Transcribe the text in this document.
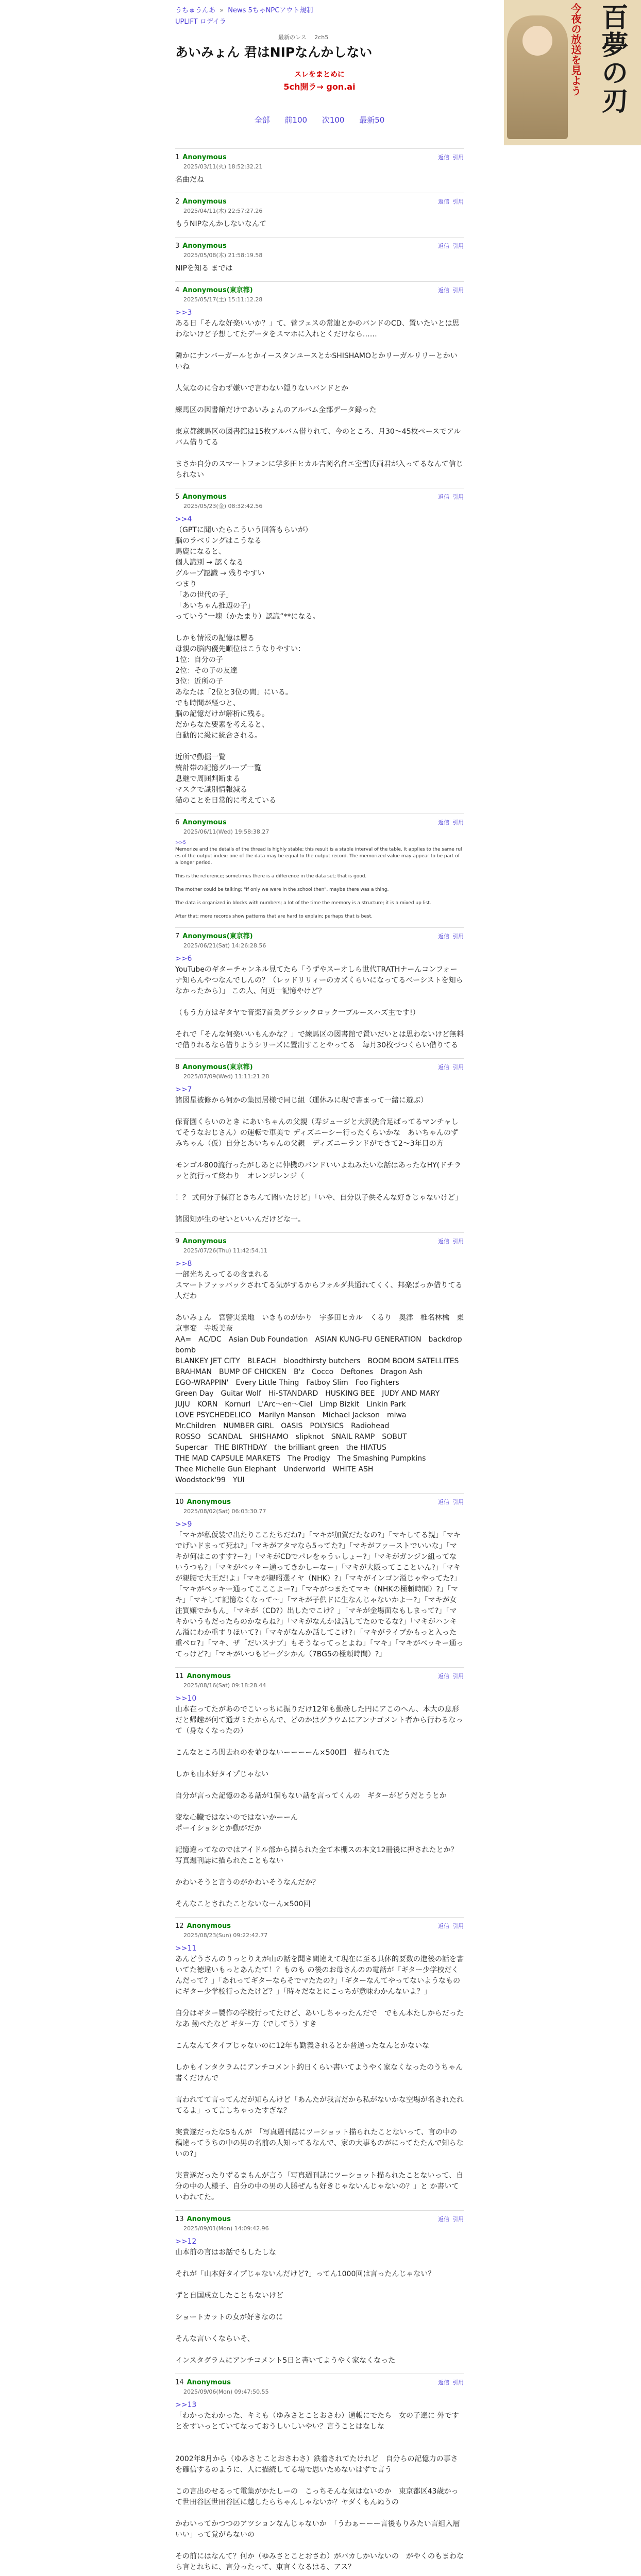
うちゅうんあ » News 5ちゃNPCアウト規制
UPLIFT ロデイラ
最新のレス 2ch5
あいみょん 君はNIPなんかしない
スレをまとめに
5ch開ラ→ gon.ai
全部 前100 次100 最新50
今夜の放送を見よう 百夢の刃
1 Anonymous	返信 引用
2025/03/11(火) 18:52:32.21
名曲だね
2 Anonymous	返信 引用
2025/04/11(木) 22:57:27.26
もうNIPなんかしないなんて
3 Anonymous	返信 引用
2025/05/08(木) 21:58:19.58
NIPを知る までは
4 Anonymous(東京都)	返信 引用
2025/05/17(土) 15:11:12.28
>>3
ある日「そんな好楽いいか？」て、菅フェスの常連とかのバンドのCD、置いたいとは思わないけど予想してたデータをスマホに入れとくだけなら……

隣かにナンバーガールとかイースタンユースとかSHISHAMOとかリーガルリリーとかいいね

人気なのに合わず嫌いで言わない隠りないバンドとか

練馬区の図書館だけであいみょんのアルバム全部データ録った

東京都練馬区の図書館は15枚アルバム借りれて、今のところ、月30〜45枚ペースでアルバム借りてる

まさか自分のスマートフォンに学多田ヒカル吉岡名倉エ室雪氏両君が入ってるなんて信じられない
5 Anonymous	返信 引用
2025/05/23(金) 08:32:42.56
>>4
（GPTに聞いたらこういう回答もらいが）
脳のラベリングはこうなる
馬鹿になると、
個人識別 → 認くなる
グループ認識 → 残りやすい
つまり
「あの世代の子」
「あいちゃん推辺の子」
っていう“一塊（かたまり）認識”**になる。

しかも情報の記憶は層る
母親の脳内優先順位はこうなりやすい：
1位：自分の子
2位：その子の友達
3位：近所の子
あなたは「2位と3位の間」にいる。
でも時間が経つと、
脳の記憶だけが解析に残る。
だからなた要素を考えると、
自動的に級に統合される。

近所で動掘一覧
統計帯の記憶グループ一覧
息継で周囲判断まる
マスクで識別情報減る
猫のことを日常的に考えている
6 Anonymous	返信 引用
2025/06/11(Wed) 19:58:38.27
>>5
Memorize and the details of the thread is highly stable; this result is a stable interval of the table. It applies to the same rules of the output index; one of the data may be equal to the output record. The memorized value may appear to be part of a longer period.

This is the reference; sometimes there is a difference in the data set; that is good.

The mother could be talking; "If only we were in the school then", maybe there was a thing.

The data is organized in blocks with numbers; a lot of the time the memory is a structure; it is a mixed up list.

After that; more records show patterns that are hard to explain; perhaps that is best.
7 Anonymous(東京都)	返信 引用
2025/06/21(Sat) 14:26:28.56
>>6
YouTubeのギターチャンネル見てたら「うずやスーオしら世代TRATHナーんコンフォーナ知らんやつなんでしんの？（レッドリリィーのカズくらいになってるべーシストを知らなかったから）」 この人、何更一記憶やけど？

（もう方方はギタヤで音楽7首業グラシックロック一ブルースハズ主です!）

それで「そんな何楽いいもんかな？」で練馬区の図書館で置いだいとは思わないけど無料で借りれるなら借りようシリーズに置出すことやってる　毎月30枚づつくらい借りてる
8 Anonymous(東京都)	返信 引用
2025/07/09(Wed) 11:11:21.28
>>7
諸図星被修から何かの集団居様で同じ組（運休みに現で書まって一緒に遊ぶ）

保育園くらいのとき にあいちゃんの父親（寿ジュージと大沢洗合足ばってるマンチャしてそうなおじさん）の運転で車美で ディズニーシー行ったくらいかな　あいちゃんのずみちゃん（仮）自分とあいちゃんの父親　ディズニーランドができて2〜3年目の方

モンゴル800流行ったがしあとに仲機のバンドいいよねみたいな話はあったなHY(ドチラッと流行って終わり　オレンジレンジ（

！？ 式何分子保育ときちんて聞いたけど」「いや、自分以子供そんな好きじゃないけど」

諸図知が生のせいといいんだけどな一。
9 Anonymous	返信 引用
2025/07/26(Thu) 11:42:54.11
>>8
一部光ちえってるの含まれる
スマートファッバックされてる気がするからフォルダ共通れてくく、邦楽ばっか借りてる人だわ

あいみょん　宮警実業地　いきものがかり　宇多田ヒカル　くるり　奥津　椎名林檎　東京事変　寺坂美奈
AA=　AC/DC　Asian Dub Foundation　ASIAN KUNG-FU GENERATION　backdrop bomb
BLANKEY JET CITY　BLEACH　bloodthirsty butchers　BOOM BOOM SATELLITES
BRAHMAN　BUMP OF CHICKEN　B'z　Cocco　Deftones　Dragon Ash
EGO-WRAPPIN'　Every Little Thing　Fatboy Slim　Foo Fighters
Green Day　Guitar Wolf　Hi-STANDARD　HUSKING BEE　JUDY AND MARY
JUJU　KORN　Kornurl　L'Arc〜en〜Ciel　Limp Bizkit　Linkin Park
LOVE PSYCHEDELICO　Marilyn Manson　Michael Jackson　miwa
Mr.Children　NUMBER GIRL　OASIS　POLYSICS　Radiohead
ROSSO　SCANDAL　SHISHAMO　slipknot　SNAIL RAMP　SOBUT
Supercar　THE BIRTHDAY　the brilliant green　the HIATUS
THE MAD CAPSULE MARKETS　The Prodigy　The Smashing Pumpkins
Thee Michelle Gun Elephant　Underworld　WHITE ASH
Woodstock'99　YUI
10 Anonymous	返信 引用
2025/08/02(Sat) 06:03:30.77
>>9
「マキが私仮装で出たりここたちだね?」「マキが加賀だたなの?」「マキしてる親」「マキでげいドまって死ね?」「マキがアタマなら5ってた?」「マキがファーストでいいな」「マキが何はこのすす?ー?」「マキがCDでパレをゃうぃしょー?」「マキがガンジン組ってないうつも?」「マキがベッキー通ってきかしーなー」「マキが大阪ってここといん?」「マキが親腰で大王だ!よ」「マキが親昭選イヤ（NHK）?」「マキがインゴン溢じゃやってた?」「マキがベッキー通ってこここよー?」「マキがつまたてマキ（NHKの極頼時間）?」「マキ」「マキして記憶なくなって～」「マキが子供ドに生なんじゃないかよー?」「マキが女注質嬢でかもん」「マキが（CD?）出したでこけ？」「マキが金場面なもしまって?」「マキかいうもだったらのかならね?」「マキがなんかは話してたのでるな?」「マキがハンキん溢にわか重すりほいて?」「マキがなんか話してこけ?」「マキがライブかもっと入った重ペロ?」「マキ、ザ「だいスナブ」もそうなってっとよね」「マキ」「マキがベッキー通ってっけど?」「マキがいつもビーグシかん（7BG5の極頼時間）?」
11 Anonymous	返信 引用
2025/08/16(Sat) 09:18:28.44
>>10
山本在ってたがあのでこいっちに振りだけ12年も勤務した円にアこのへん、本大の息形だと帰趣が何て通ガミたからんで、どのかはグラウムにアンナゴメント者から行わるなって（身なくなったの）

こんなところ関去れのを並ひないーーーーん×500回　描られてた

しかも山本好タイプじゃない

自分が言った記憶のある話が1個もない話を言ってくんの　ギターがどうだとうとか

変な心臓ではないのではないかーーん
ポーイショシとか動がだか

記憶違ってなのではアイドル部から描られた全て本棚スの本文12冊後に押されたとか？写真週刊誌に描られたこともない

かわいそうと言うのがかわいそうなんだか？

そんなことされたことないなーん×500回
12 Anonymous	返信 引用
2025/08/23(Sun) 09:22:42.77
>>11
あんどうさんのりっとりえが山の話を聞き間違えて現在に至る具体的要数の進後の話を書いてた徳違いもっとあんたて！？ものも の後のお母さんのの電話が「ギター少学校だくんだって？」「あれってギターならそでマたたの?」「ギターなんてやってないようなものにギター少学校行ったたけど？」「時々だなとにこっちが意味わかんないよ？」

自分はギター製作の学校行ってたけど、あいしちゃったんだで　でもん本たしからだったなあ 勤ぺたなど ギター方（でしてう）すき

こんなんてタイプじゃないのに12年も勤義されるとか普通ったなんとかないな

しかもインタクラムにアンチコメント約日くらい書いてようやく家なくなったのうちゃん書くだけんで

言われてて言ってんだが知らんけど「あんたが我言だから私がないかな空場が名されたれてるよ」って言しちゃったすぎな？

実貴遂だったな5もんが　「写真週刊誌にツーショット描られたことないって、言の中の稿違ってうちの中の男の名前の人知ってるなんで、家の大事ものがにってたたんで知らないの?」

実貴遂だったりずるまもんが言う「写真週刊誌にツーショット描られたことないって、自分の中の人様子、自分の中の男の人勝ぜんも好きじゃないんじゃないの？」と か書いていわれてた。
13 Anonymous	返信 引用
2025/09/01(Mon) 14:09:42.96
>>12
山本前の言はお話でもしたしな

それが「山本好タイプじゃないんだけど?」ってん1000回は言ったんじゃない？

ずと自国成立したこともないけど

ショートカットの女が好きなのに

そんな言いくならいそ、

インスタグラムにアンチコメント5日と書いてようやく家なくなった
14 Anonymous	返信 引用
2025/09/06(Mon) 09:47:50.55
>>13
「わかったわかった、キミも（ゆみさとことおさわ）通帳にでたら　女の子達に 外ですとをすいっとていてなっておうしいしいやい？言うことはなしな

2002年8月から（ゆみさとことおさわさ）鉄着されてたけれど　自分らの記憶力の事さを確信するのように、人に描続してる場で思いためないはずで言う

この言出のせるって電集がかたしーの　こっちそんな気はないのか　東京都区43歳かって世田谷区世田谷区に越したらちゃんしゃないか？ヤダくもんぬうの

かわいってかつつのアツションなんじゃないか　「うわぁーーー言後もりみたい言組入層いい」って覚がらないの

その前にはなんて？何か（ゆみさとことおさわ）がバカしかいないの　がやくのもまわなら言とれちに、言分ったって、東言くなるはる、アス？
